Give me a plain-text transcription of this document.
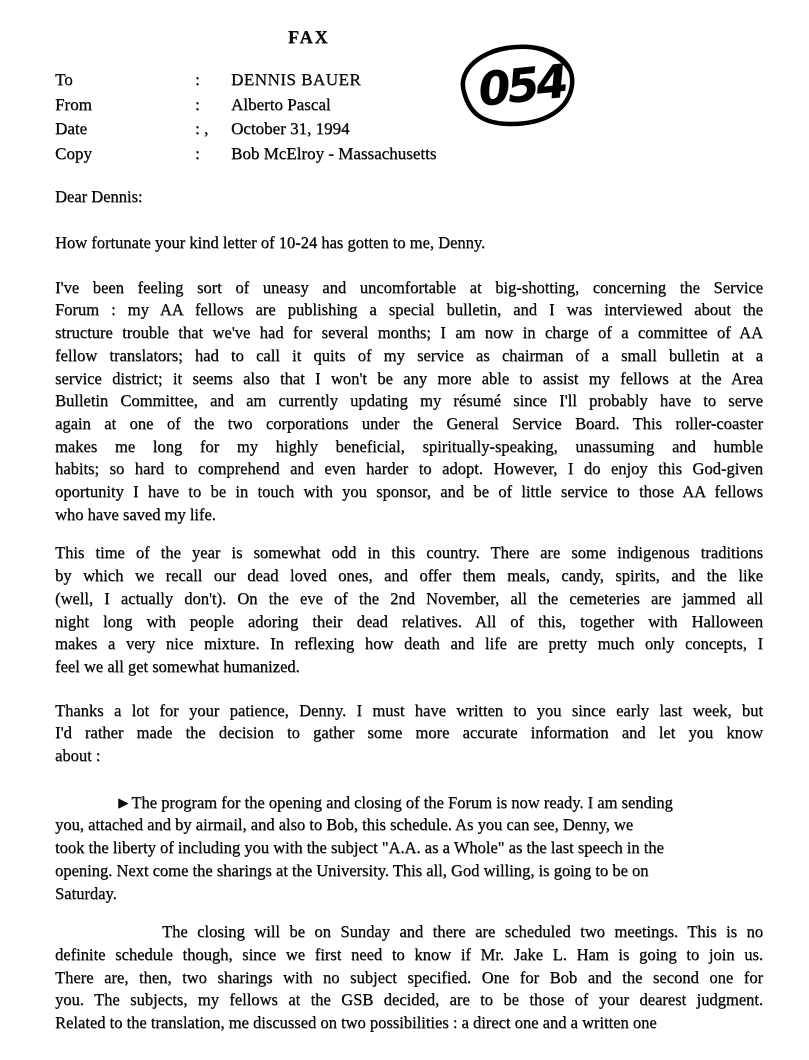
FAX
To	:	DENNIS BAUER
From	:	Alberto Pascal
Date	: ,	October 31, 1994
Copy	:	Bob McElroy - Massachusetts
054
Dear Dennis:
How fortunate your kind letter of 10-24 has gotten to me, Denny.
I've been feeling sort of uneasy and uncomfortable at big-shotting, concerning the Service
Forum : my AA fellows are publishing a special bulletin, and I was interviewed about the
structure trouble that we've had for several months; I am now in charge of a committee of AA
fellow translators; had to call it quits of my service as chairman of a small bulletin at a
service district; it seems also that I won't be any more able to assist my fellows at the Area
Bulletin Committee, and am currently updating my résumé since I'll probably have to serve
again at one of the two corporations under the General Service Board. This roller-coaster
makes me long for my highly beneficial, spiritually-speaking, unassuming and humble
habits; so hard to comprehend and even harder to adopt. However, I do enjoy this God-given
oportunity I have to be in touch with you sponsor, and be of little service to those AA fellows
who have saved my life.
This time of the year is somewhat odd in this country. There are some indigenous traditions
by which we recall our dead loved ones, and offer them meals, candy, spirits, and the like
(well, I actually don't). On the eve of the 2nd November, all the cemeteries are jammed all
night long with people adoring their dead relatives. All of this, together with Halloween
makes a very nice mixture. In reflexing how death and life are pretty much only concepts, I
feel we all get somewhat humanized.
Thanks a lot for your patience, Denny. I must have written to you since early last week, but
I'd rather made the decision to gather some more accurate information and let you know
about :
►The program for the opening and closing of the Forum is now ready. I am sending
you, attached and by airmail, and also to Bob, this schedule. As you can see, Denny, we
took the liberty of including you with the subject "A.A. as a Whole" as the last speech in the
opening. Next come the sharings at the University. This all, God willing, is going to be on
Saturday.
The closing will be on Sunday and there are scheduled two meetings. This is no
definite schedule though, since we first need to know if Mr. Jake L. Ham is going to join us.
There are, then, two sharings with no subject specified. One for Bob and the second one for
you. The subjects, my fellows at the GSB decided, are to be those of your dearest judgment.
Related to the translation, me discussed on two possibilities : a direct one and a written one
